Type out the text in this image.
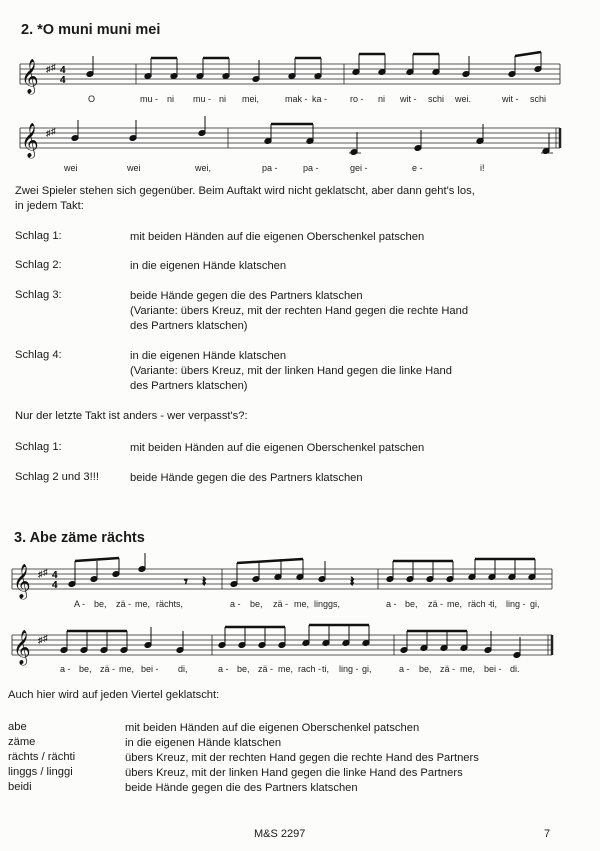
2. *O muni muni mei
𝄞 ♯ ♯ 4
4
O	mu - ni mu - ni mei,	mak - ka -	ro - ni wit - schi wei.	wit - schi
𝄞 ♯ ♯
wei	wei	wei,	pa -	pa -	gei -	e -	i!
Zwei Spieler stehen sich gegenüber. Beim Auftakt wird nicht geklatscht, aber dann geht's los,
in jedem Takt:
Schlag 1:	mit beiden Händen auf die eigenen Oberschenkel patschen
Schlag 2:	in die eigenen Hände klatschen
Schlag 3:	beide Hände gegen die des Partners klatschen
(Variante: übers Kreuz, mit der rechten Hand gegen die rechte Hand
des Partners klatschen)
Schlag 4:	in die eigenen Hände klatschen
(Variante: übers Kreuz, mit der linken Hand gegen die linke Hand
des Partners klatschen)
Nur der letzte Takt ist anders - wer verpasst's?:
Schlag 1:	mit beiden Händen auf die eigenen Oberschenkel patschen
Schlag 2 und 3!!!	beide Hände gegen die des Partners klatschen
3. Abe zäme rächts
𝄞 ♯ ♯ 4
4	𝄾 𝄽	𝄽
A - be, zä - me, rächts,	a - be, zä - me, linggs,	a - be, zä - me, räch -
ti, ling - gi,
𝄞 ♯ ♯
a - be, zä - me, bei - di,	a - be, zä - me, rach - ti, ling - gi,	a - be, zä - me, bei - di.
Auch hier wird auf jeden Viertel geklatscht:
abe	mit beiden Händen auf die eigenen Oberschenkel patschen
zäme	in die eigenen Hände klatschen
rächts / rächti	übers Kreuz, mit der rechten Hand gegen die rechte Hand des Partners
linggs / linggi	übers Kreuz, mit der linken Hand gegen die linke Hand des Partners
beidi	beide Hände gegen die des Partners klatschen
M&S 2297	7
